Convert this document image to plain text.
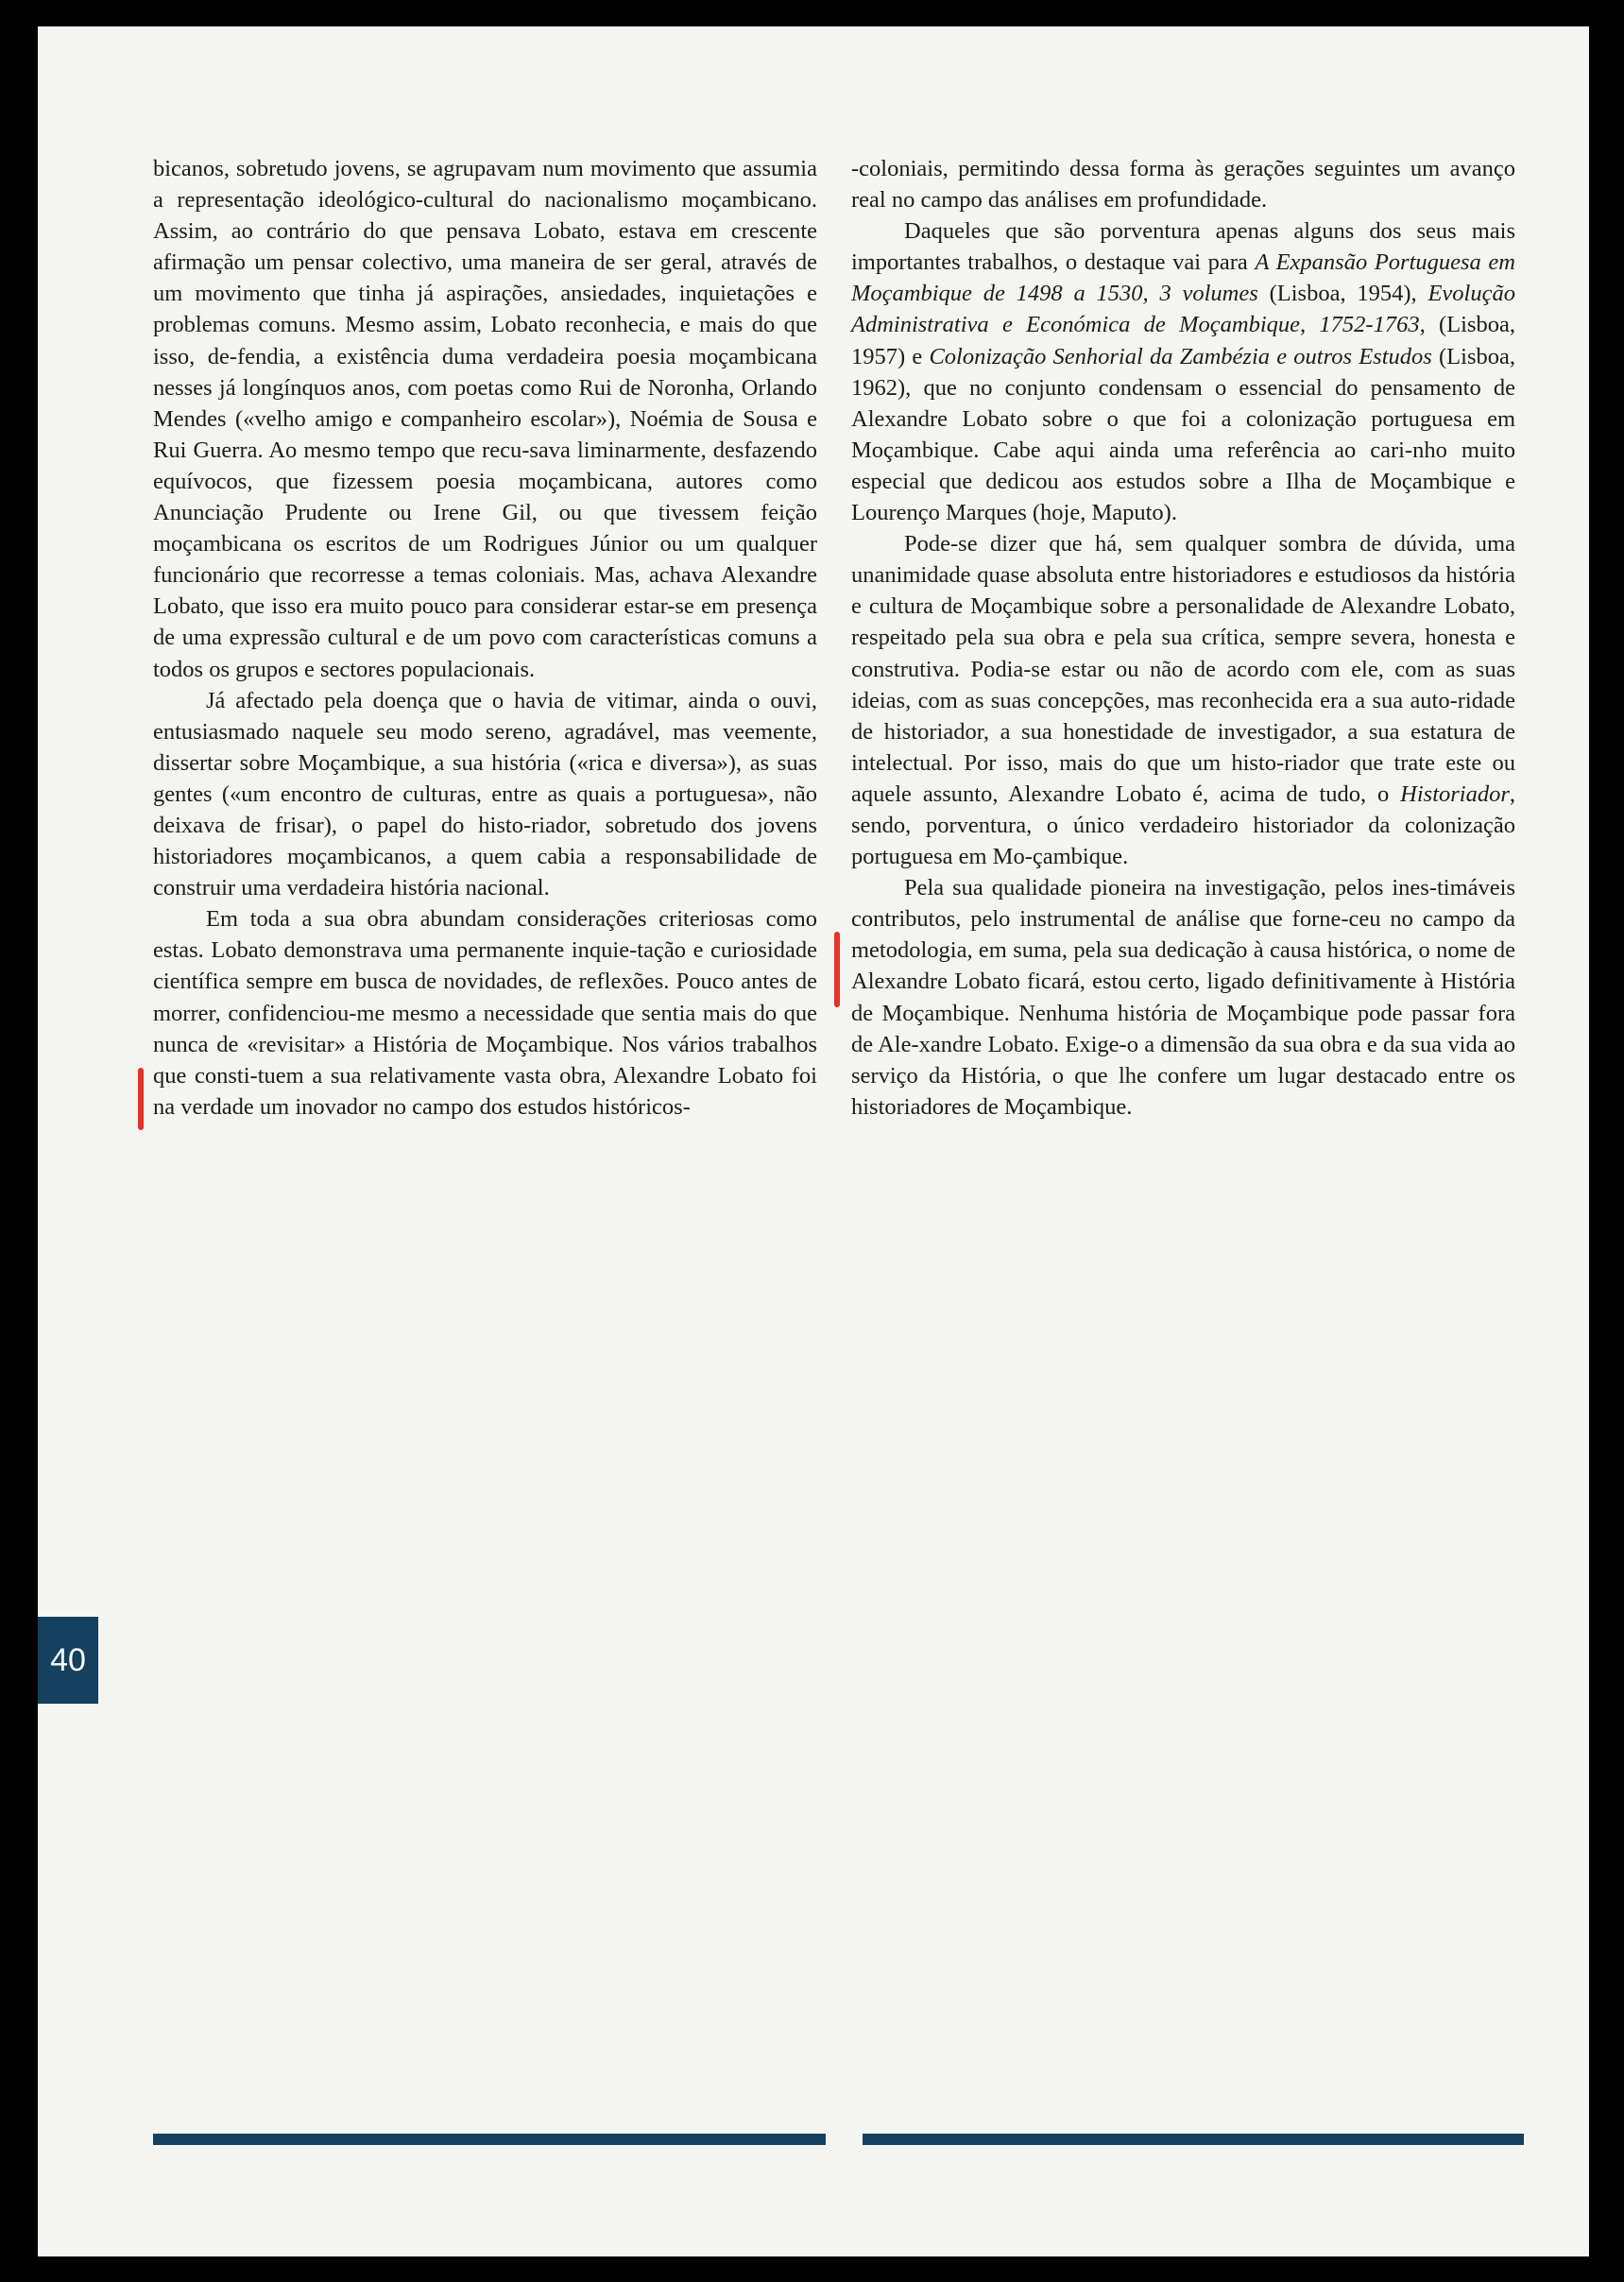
bicanos, sobretudo jovens, se agrupavam num movimento que assumia a representação ideológico-cultural do nacionalismo moçambicano. Assim, ao contrário do que pensava Lobato, estava em crescente afirmação um pensar colectivo, uma maneira de ser geral, através de um movimento que tinha já aspirações, ansiedades, inquietações e problemas comuns. Mesmo assim, Lobato reconhecia, e mais do que isso, de-fendia, a existência duma verdadeira poesia moçambicana nesses já longínquos anos, com poetas como Rui de Noronha, Orlando Mendes («velho amigo e companheiro escolar»), Noémia de Sousa e Rui Guerra. Ao mesmo tempo que recu-sava liminarmente, desfazendo equívocos, que fizessem poesia moçambicana, autores como Anunciação Prudente ou Irene Gil, ou que tivessem feição moçambicana os escritos de um Rodrigues Júnior ou um qualquer funcionário que recorresse a temas coloniais. Mas, achava Alexandre Lobato, que isso era muito pouco para considerar estar-se em presença de uma expressão cultural e de um povo com características comuns a todos os grupos e sectores populacionais.

Já afectado pela doença que o havia de vitimar, ainda o ouvi, entusiasmado naquele seu modo sereno, agradável, mas veemente, dissertar sobre Moçambique, a sua história («rica e diversa»), as suas gentes («um encontro de culturas, entre as quais a portuguesa», não deixava de frisar), o papel do histo-riador, sobretudo dos jovens historiadores moçambicanos, a quem cabia a responsabilidade de construir uma verdadeira história nacional.

Em toda a sua obra abundam considerações criteriosas como estas. Lobato demonstrava uma permanente inquie-tação e curiosidade científica sempre em busca de novidades, de reflexões. Pouco antes de morrer, confidenciou-me mesmo a necessidade que sentia mais do que nunca de «revisitar» a História de Moçambique. Nos vários trabalhos que consti-tuem a sua relativamente vasta obra, Alexandre Lobato foi na verdade um inovador no campo dos estudos históricos-

-coloniais, permitindo dessa forma às gerações seguintes um avanço real no campo das análises em profundidade.

Daqueles que são porventura apenas alguns dos seus mais importantes trabalhos, o destaque vai para A Expansão Portuguesa em Moçambique de 1498 a 1530, 3 volumes (Lisboa, 1954), Evolução Administrativa e Económica de Moçambique, 1752-1763, (Lisboa, 1957) e Colonização Senhorial da Zambézia e outros Estudos (Lisboa, 1962), que no conjunto condensam o essencial do pensamento de Alexandre Lobato sobre o que foi a colonização portuguesa em Moçambique. Cabe aqui ainda uma referência ao cari-nho muito especial que dedicou aos estudos sobre a Ilha de Moçambique e Lourenço Marques (hoje, Maputo).

Pode-se dizer que há, sem qualquer sombra de dúvida, uma unanimidade quase absoluta entre historiadores e estudiosos da história e cultura de Moçambique sobre a personalidade de Alexandre Lobato, respeitado pela sua obra e pela sua crítica, sempre severa, honesta e construtiva. Podia-se estar ou não de acordo com ele, com as suas ideias, com as suas concepções, mas reconhecida era a sua auto-ridade de historiador, a sua honestidade de investigador, a sua estatura de intelectual. Por isso, mais do que um histo-riador que trate este ou aquele assunto, Alexandre Lobato é, acima de tudo, o Historiador, sendo, porventura, o único verdadeiro historiador da colonização portuguesa em Mo-çambique.

Pela sua qualidade pioneira na investigação, pelos ines-timáveis contributos, pelo instrumental de análise que forne-ceu no campo da metodologia, em suma, pela sua dedicação à causa histórica, o nome de Alexandre Lobato ficará, estou certo, ligado definitivamente à História de Moçambique. Nenhuma história de Moçambique pode passar fora de Ale-xandre Lobato. Exige-o a dimensão da sua obra e da sua vida ao serviço da História, o que lhe confere um lugar destacado entre os historiadores de Moçambique.

40
